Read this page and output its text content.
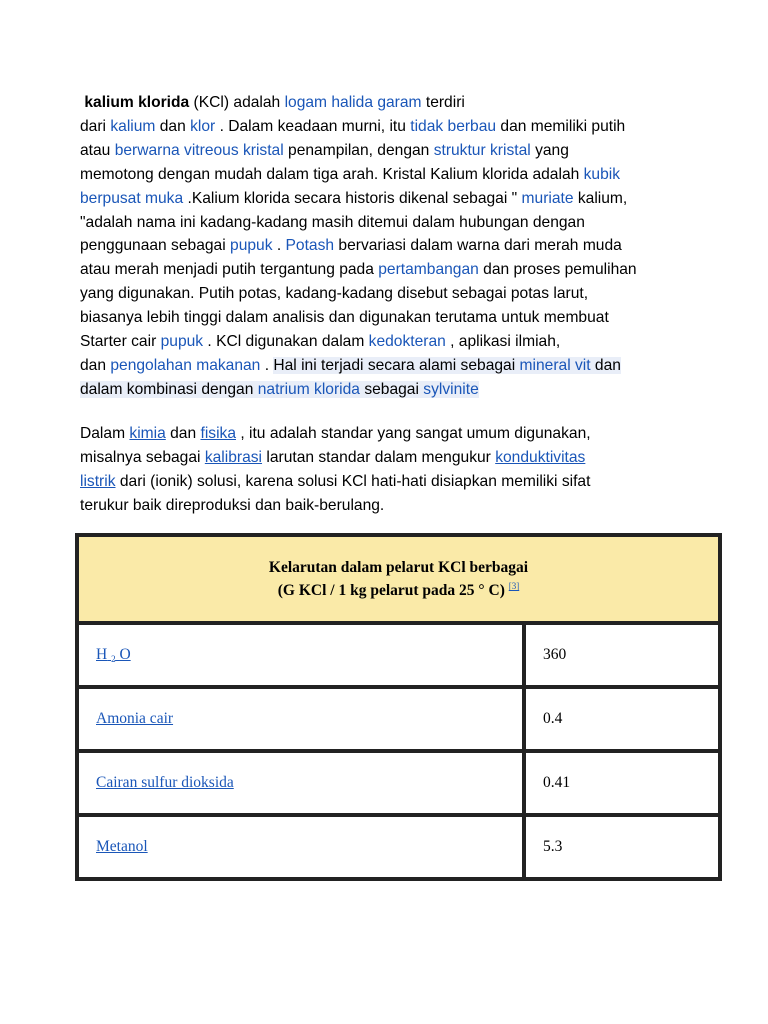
kalium klorida (KCl) adalah logam halida garam terdiri
dari kalium dan klor . Dalam keadaan murni, itu tidak berbau dan memiliki putih
atau berwarna vitreous kristal penampilan, dengan struktur kristal yang
memotong dengan mudah dalam tiga arah. Kristal Kalium klorida adalah kubik
berpusat muka .Kalium klorida secara historis dikenal sebagai " muriate kalium,
"adalah nama ini kadang-kadang masih ditemui dalam hubungan dengan
penggunaan sebagai pupuk . Potash bervariasi dalam warna dari merah muda
atau merah menjadi putih tergantung pada pertambangan dan proses pemulihan
yang digunakan. Putih potas, kadang-kadang disebut sebagai potas larut,
biasanya lebih tinggi dalam analisis dan digunakan terutama untuk membuat
Starter cair pupuk . KCl digunakan dalam kedokteran , aplikasi ilmiah,
dan pengolahan makanan . Hal ini terjadi secara alami sebagai mineral vit dan
dalam kombinasi dengan natrium klorida sebagai sylvinite

Dalam kimia dan fisika , itu adalah standar yang sangat umum digunakan,
misalnya sebagai kalibrasi larutan standar dalam mengukur konduktivitas
listrik dari (ionik) solusi, karena solusi KCl hati-hati disiapkan memiliki sifat
terukur baik direproduksi dan baik-berulang.

Kelarutan dalam pelarut KCl berbagai
(G KCl / 1 kg pelarut pada 25 ° C) [3]
H $_2$ O	360
Amonia cair	0.4
Cairan sulfur dioksida	0.41
Metanol	5.3
